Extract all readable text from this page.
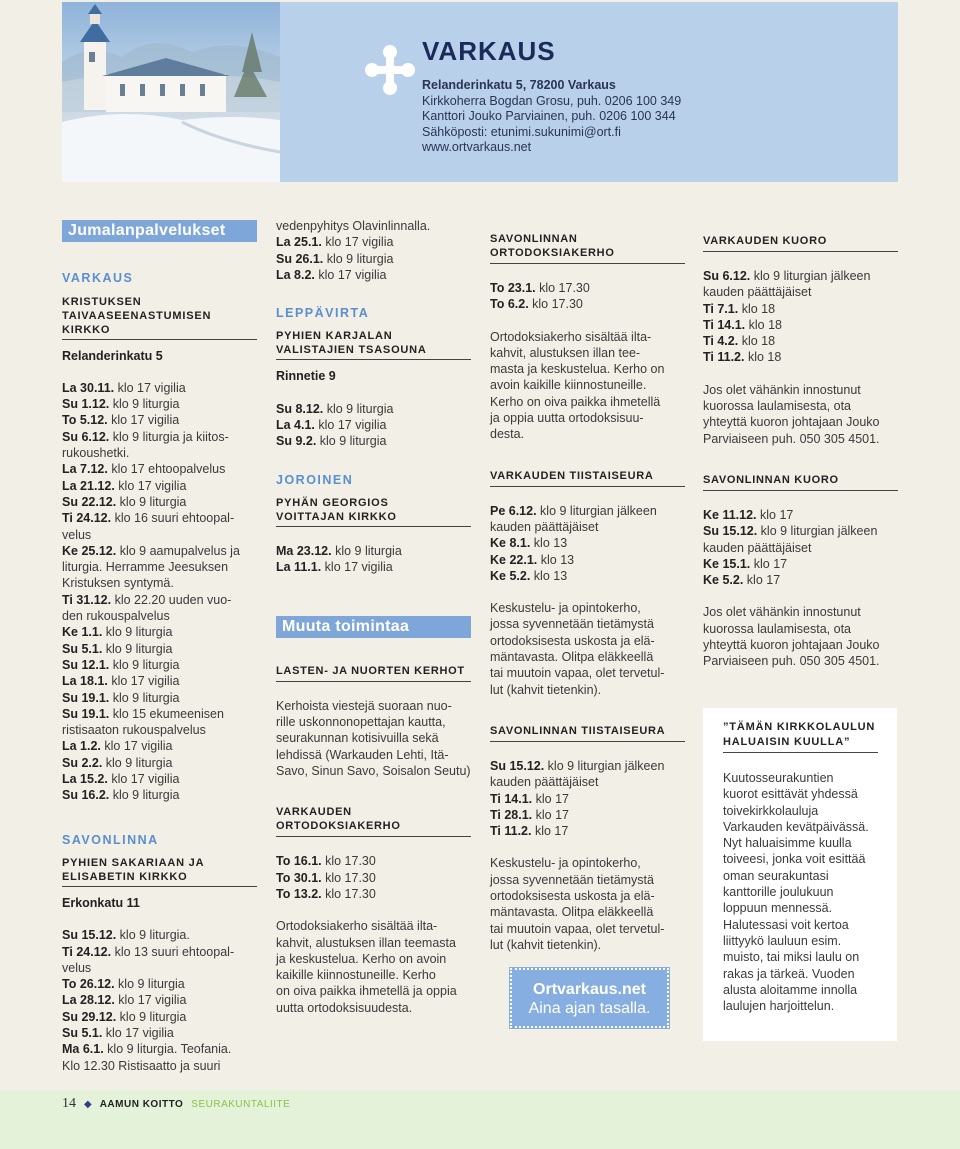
VARKAUS
Relanderinkatu 5, 78200 Varkaus
Kirkkoherra Bogdan Grosu, puh. 0206 100 349
Kanttori Jouko Parviainen, puh. 0206 100 344
Sähköposti: etunimi.sukunimi@ort.fi
www.ortvarkaus.net
Jumalanpalvelukset
VARKAUS
KRISTUKSEN
TAIVAASEENASTUMISEN KIRKKO
Relanderinkatu 5
La 30.11. klo 17 vigilia
Su 1.12. klo 9 liturgia
To 5.12. klo 17 vigilia
Su 6.12. klo 9 liturgia ja kiitos-
rukoushetki.
La 7.12. klo 17 ehtoopalvelus
La 21.12. klo 17 vigilia
Su 22.12. klo 9 liturgia
Ti 24.12. klo 16 suuri ehtoopal-
velus
Ke 25.12. klo 9 aamupalvelus ja
liturgia. Herramme Jeesuksen
Kristuksen syntymä.
Ti 31.12. klo 22.20 uuden vuo-
den rukouspalvelus
Ke 1.1. klo 9 liturgia
Su 5.1. klo 9 liturgia
Su 12.1. klo 9 liturgia
La 18.1. klo 17 vigilia
Su 19.1. klo 9 liturgia
Su 19.1. klo 15 ekumeenisen
ristisaaton rukouspalvelus
La 1.2. klo 17 vigilia
Su 2.2. klo 9 liturgia
La 15.2. klo 17 vigilia
Su 16.2. klo 9 liturgia
SAVONLINNA
PYHIEN SAKARIAAN JA
ELISABETIN KIRKKO
Erkonkatu 11
Su 15.12. klo 9 liturgia.
Ti 24.12. klo 13 suuri ehtoopal-
velus
To 26.12. klo 9 liturgia
La 28.12. klo 17 vigilia
Su 29.12. klo 9 liturgia
Su 5.1. klo 17 vigilia
Ma 6.1. klo 9 liturgia. Teofania.
Klo 12.30 Ristisaatto ja suuri
vedenpyhitys Olavinlinnalla.
La 25.1. klo 17 vigilia
Su 26.1. klo 9 liturgia
La 8.2. klo 17 vigilia
LEPPÄVIRTA
PYHIEN KARJALAN
VALISTAJIEN TSASOUNA
Rinnetie 9
Su 8.12. klo 9 liturgia
La 4.1. klo 17 vigilia
Su 9.2. klo 9 liturgia
JOROINEN
PYHÄN GEORGIOS
VOITTAJAN KIRKKO
Ma 23.12. klo 9 liturgia
La 11.1. klo 17 vigilia
Muuta toimintaa
LASTEN- JA NUORTEN KERHOT
Kerhoista viestejä suoraan nuo-
rille uskonnonopettajan kautta,
seurakunnan kotisivuilla sekä
lehdissä (Warkauden Lehti, Itä-
Savo, Sinun Savo, Soisalon Seutu)
VARKAUDEN ORTODOKSIAKERHO
To 16.1. klo 17.30
To 30.1. klo 17.30
To 13.2. klo 17.30
Ortodoksiakerho sisältää ilta-
kahvit, alustuksen illan teemasta
ja keskustelua. Kerho on avoin
kaikille kiinnostuneille. Kerho
on oiva paikka ihmetellä ja oppia
uutta ortodoksisuudesta.
SAVONLINNAN ORTODOKSIAKERHO
To 23.1. klo 17.30
To 6.2. klo 17.30
Ortodoksiakerho sisältää ilta-
kahvit, alustuksen illan tee-
masta ja keskustelua. Kerho on
avoin kaikille kiinnostuneille.
Kerho on oiva paikka ihmetellä
ja oppia uutta ortodoksisuu-
desta.
VARKAUDEN TIISTAISEURA
Pe 6.12. klo 9 liturgian jälkeen
kauden päättäjäiset
Ke 8.1. klo 13
Ke 22.1. klo 13
Ke 5.2. klo 13
Keskustelu- ja opintokerho,
jossa syvennetään tietämystä
ortodoksisesta uskosta ja elä-
mäntavasta. Olitpa eläkkeellä
tai muutoin vapaa, olet tervetul-
lut (kahvit tietenkin).
SAVONLINNAN TIISTAISEURA
Su 15.12. klo 9 liturgian jälkeen
kauden päättäjäiset
Ti 14.1. klo 17
Ti 28.1. klo 17
Ti 11.2. klo 17
Keskustelu- ja opintokerho,
jossa syvennetään tietämystä
ortodoksisesta uskosta ja elä-
mäntavasta. Olitpa eläkkeellä
tai muutoin vapaa, olet tervetul-
lut (kahvit tietenkin).
Ortvarkaus.net
Aina ajan tasalla.
VARKAUDEN KUORO
Su 6.12. klo 9 liturgian jälkeen
kauden päättäjäiset
Ti 7.1. klo 18
Ti 14.1. klo 18
Ti 4.2. klo 18
Ti 11.2. klo 18
Jos olet vähänkin innostunut
kuorossa laulamisesta, ota
yhteyttä kuoron johtajaan Jouko
Parviaiseen puh. 050 305 4501.
SAVONLINNAN KUORO
Ke 11.12. klo 17
Su 15.12. klo 9 liturgian jälkeen
kauden päättäjäiset
Ke 15.1. klo 17
Ke 5.2. klo 17
Jos olet vähänkin innostunut
kuorossa laulamisesta, ota
yhteyttä kuoron johtajaan Jouko
Parviaiseen puh. 050 305 4501.
”TÄMÄN KIRKKOLAULUN
HALUAISIN KUULLA”
Kuutosseurakuntien
kuorot esittävät yhdessä
toivekirkkolauluja
Varkauden kevätpäivässä.
Nyt haluaisimme kuulla
toiveesi, jonka voit esittää
oman seurakuntasi
kanttorille joulukuun
loppuun mennessä.
Halutessasi voit kertoa
liittyykö lauluun esim.
muisto, tai miksi laulu on
rakas ja tärkeä. Vuoden
alusta aloitamme innolla
laulujen harjoittelun.
14 ◆ AAMUN KOITTO SEURAKUNTALIITE
